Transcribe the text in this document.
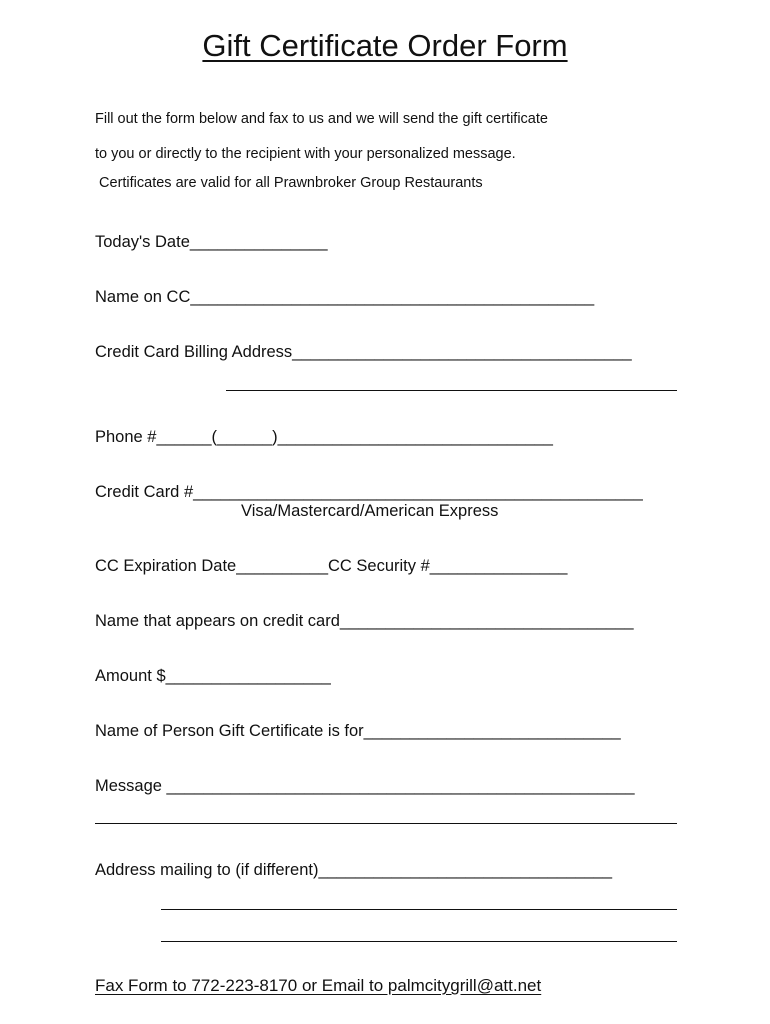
Gift Certificate Order Form
Fill out the form below and fax to us and we will send the gift certificate
to you or directly to the recipient with your personalized message.
Certificates are valid for all Prawnbroker Group Restaurants
Today's Date_______________
Name on CC____________________________________________
Credit Card Billing Address_____________________________________
Phone #______(______)______________________________
Credit Card #_________________________________________________
Visa/Mastercard/American Express
CC Expiration Date__________CC Security #_______________
Name that appears on credit card________________________________
Amount $__________________
Name of Person Gift Certificate is for____________________________
Message ___________________________________________________
Address mailing to (if different)________________________________
Fax Form to 772-223-8170 or Email to palmcitygrill@att.net
